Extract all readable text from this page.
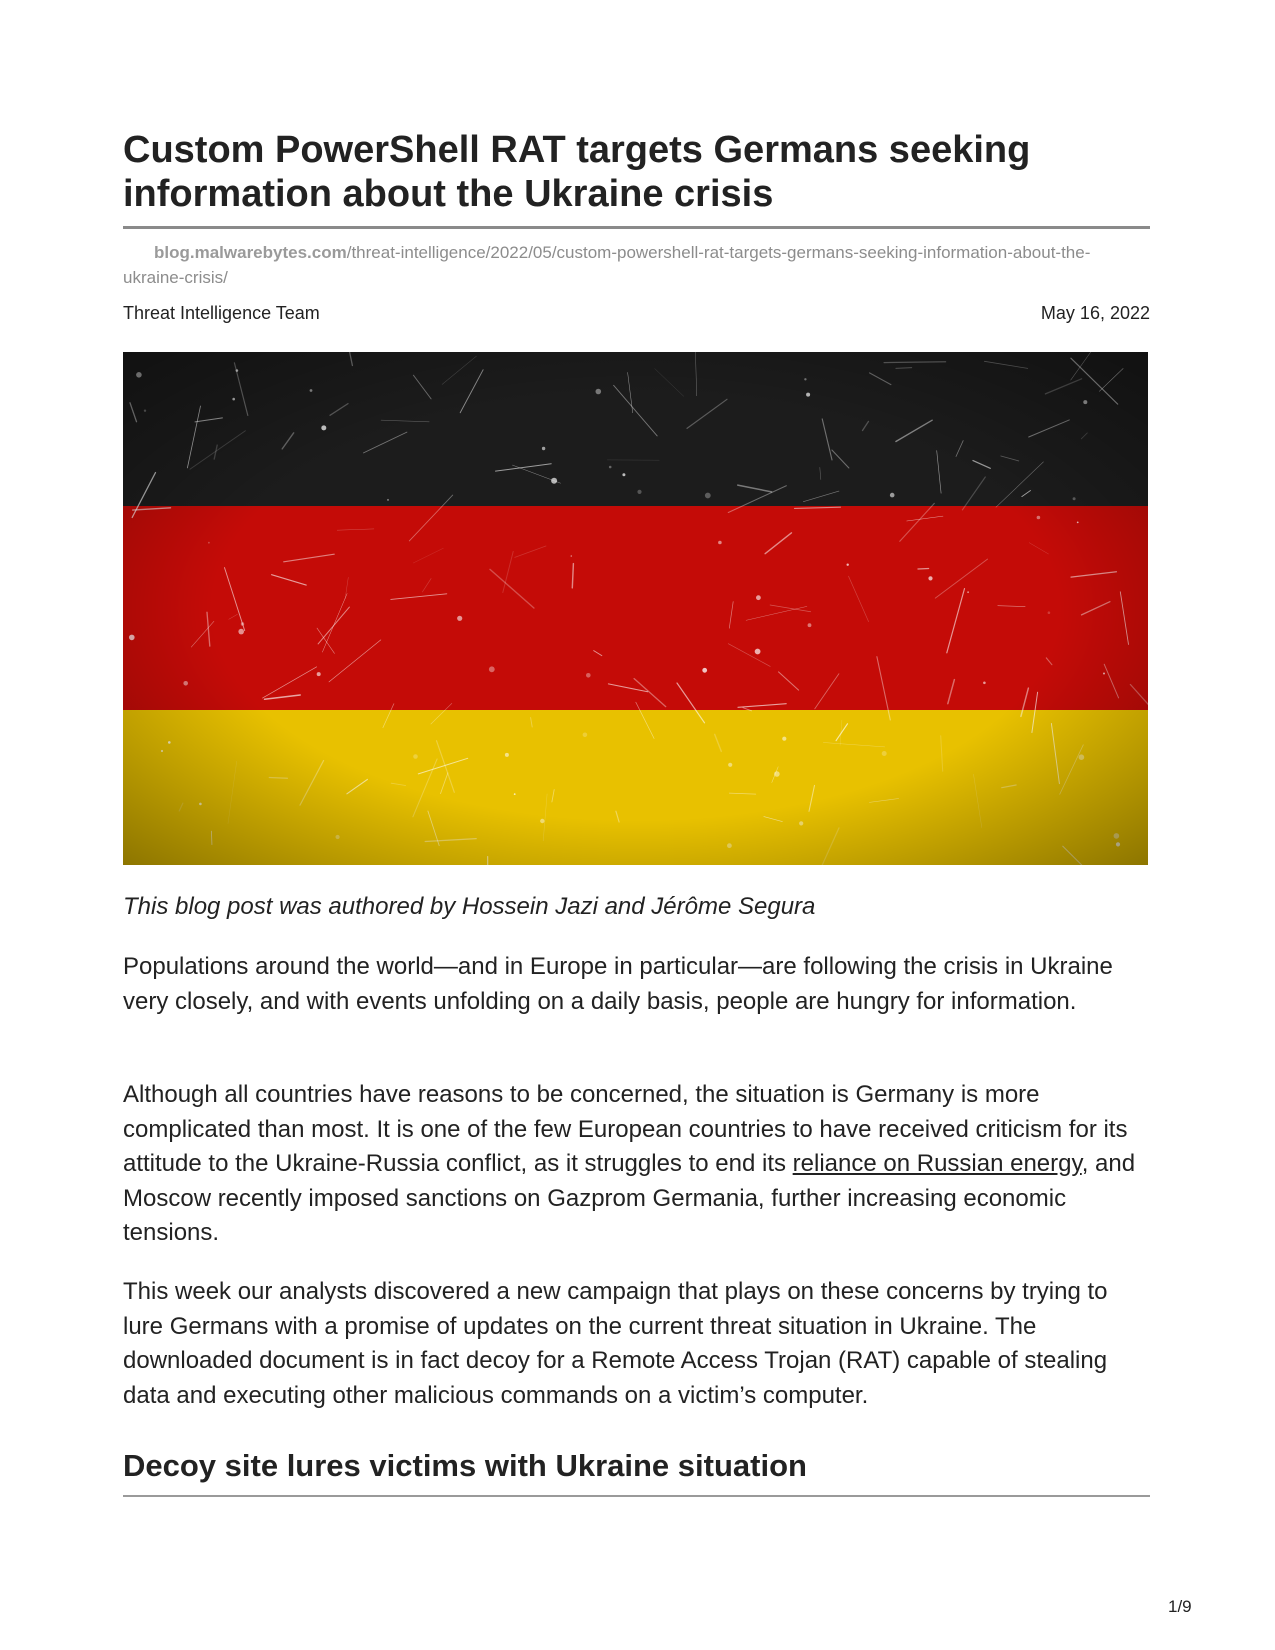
Custom PowerShell RAT targets Germans seeking
information about the Ukraine crisis
blog.malwarebytes.com/threat-intelligence/2022/05/custom-powershell-rat-targets-germans-seeking-information-about-the-ukraine-crisis/
Threat Intelligence Team	May 16, 2022
This blog post was authored by Hossein Jazi and Jérôme Segura

Populations around the world—and in Europe in particular—are following the crisis in Ukraine very closely, and with events unfolding on a daily basis, people are hungry for information.

Although all countries have reasons to be concerned, the situation is Germany is more complicated than most. It is one of the few European countries to have received criticism for its attitude to the Ukraine-Russia conflict, as it struggles to end its reliance on Russian energy, and Moscow recently imposed sanctions on Gazprom Germania, further increasing economic tensions.

This week our analysts discovered a new campaign that plays on these concerns by trying to lure Germans with a promise of updates on the current threat situation in Ukraine. The downloaded document is in fact decoy for a Remote Access Trojan (RAT) capable of stealing data and executing other malicious commands on a victim’s computer.

Decoy site lures victims with Ukraine situation
1/9
